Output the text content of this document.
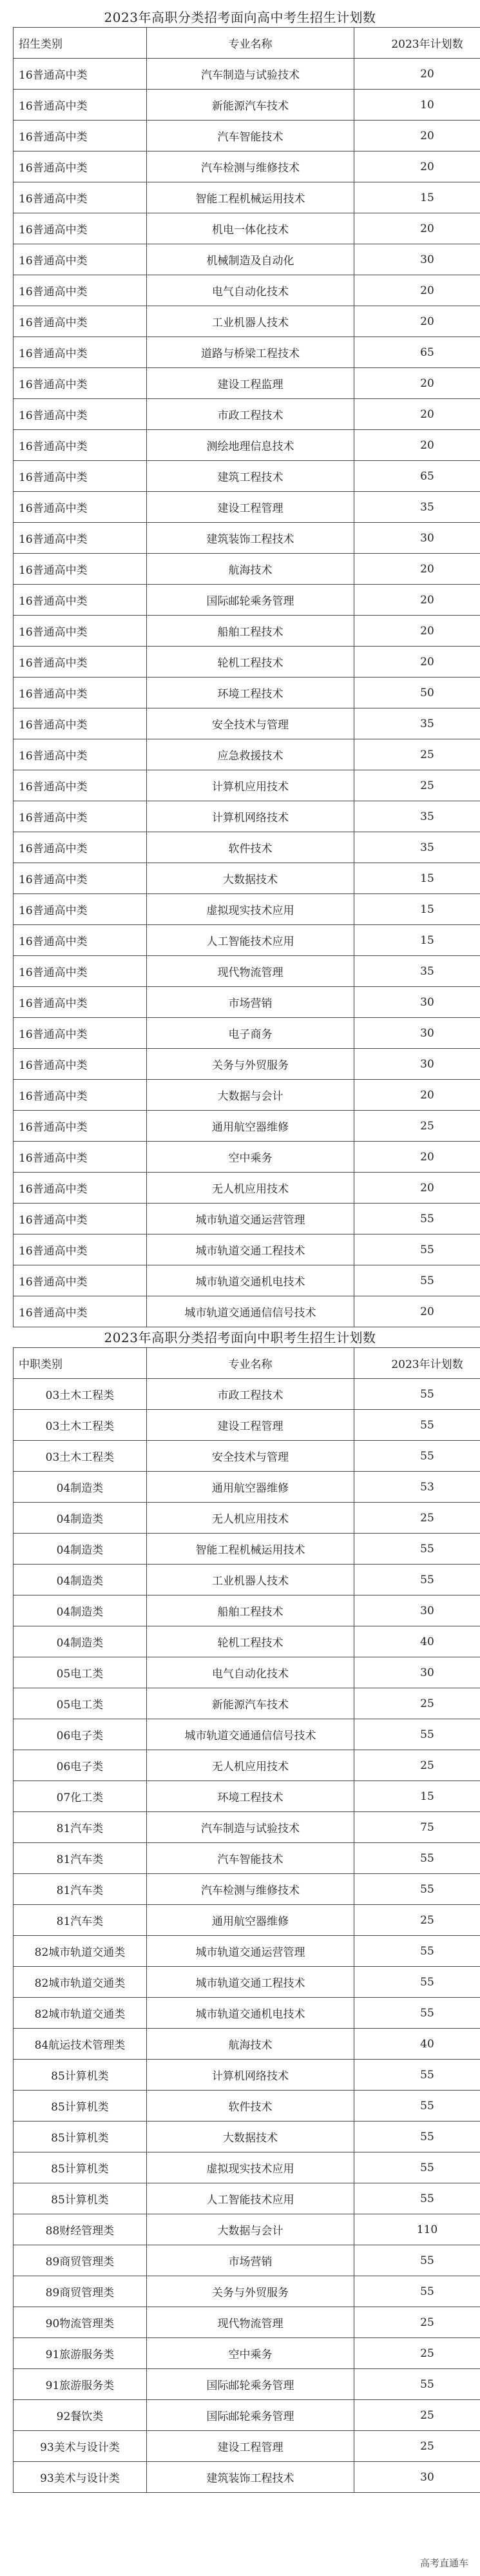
2023年高职分类招考面向高中考生招生计划数
招生类别	专业名称	2023年计划数
16普通高中类	汽车制造与试验技术	20
16普通高中类	新能源汽车技术	10
16普通高中类	汽车智能技术	20
16普通高中类	汽车检测与维修技术	20
16普通高中类	智能工程机械运用技术	15
16普通高中类	机电一体化技术	20
16普通高中类	机械制造及自动化	30
16普通高中类	电气自动化技术	20
16普通高中类	工业机器人技术	20
16普通高中类	道路与桥梁工程技术	65
16普通高中类	建设工程监理	20
16普通高中类	市政工程技术	20
16普通高中类	测绘地理信息技术	20
16普通高中类	建筑工程技术	65
16普通高中类	建设工程管理	35
16普通高中类	建筑装饰工程技术	30
16普通高中类	航海技术	20
16普通高中类	国际邮轮乘务管理	20
16普通高中类	船舶工程技术	20
16普通高中类	轮机工程技术	20
16普通高中类	环境工程技术	50
16普通高中类	安全技术与管理	35
16普通高中类	应急救援技术	25
16普通高中类	计算机应用技术	25
16普通高中类	计算机网络技术	35
16普通高中类	软件技术	35
16普通高中类	大数据技术	15
16普通高中类	虚拟现实技术应用	15
16普通高中类	人工智能技术应用	15
16普通高中类	现代物流管理	35
16普通高中类	市场营销	30
16普通高中类	电子商务	30
16普通高中类	关务与外贸服务	30
16普通高中类	大数据与会计	20
16普通高中类	通用航空器维修	25
16普通高中类	空中乘务	20
16普通高中类	无人机应用技术	20
16普通高中类	城市轨道交通运营管理	55
16普通高中类	城市轨道交通工程技术	55
16普通高中类	城市轨道交通机电技术	55
16普通高中类	城市轨道交通通信信号技术	20
2023年高职分类招考面向中职考生招生计划数
中职类别	专业名称	2023年计划数
03土木工程类	市政工程技术	55
03土木工程类	建设工程管理	55
03土木工程类	安全技术与管理	55
04制造类	通用航空器维修	53
04制造类	无人机应用技术	25
04制造类	智能工程机械运用技术	55
04制造类	工业机器人技术	55
04制造类	船舶工程技术	30
04制造类	轮机工程技术	40
05电工类	电气自动化技术	30
05电工类	新能源汽车技术	25
06电子类	城市轨道交通通信信号技术	55
06电子类	无人机应用技术	25
07化工类	环境工程技术	15
81汽车类	汽车制造与试验技术	75
81汽车类	汽车智能技术	55
81汽车类	汽车检测与维修技术	55
81汽车类	通用航空器维修	25
82城市轨道交通类	城市轨道交通运营管理	55
82城市轨道交通类	城市轨道交通工程技术	55
82城市轨道交通类	城市轨道交通机电技术	55
84航运技术管理类	航海技术	40
85计算机类	计算机网络技术	55
85计算机类	软件技术	55
85计算机类	大数据技术	55
85计算机类	虚拟现实技术应用	55
85计算机类	人工智能技术应用	55
88财经管理类	大数据与会计	110
89商贸管理类	市场营销	55
89商贸管理类	关务与外贸服务	55
90物流管理类	现代物流管理	25
91旅游服务类	空中乘务	25
91旅游服务类	国际邮轮乘务管理	55
92餐饮类	国际邮轮乘务管理	25
93美术与设计类	建设工程管理	25
93美术与设计类	建筑装饰工程技术	30
高考直通车
